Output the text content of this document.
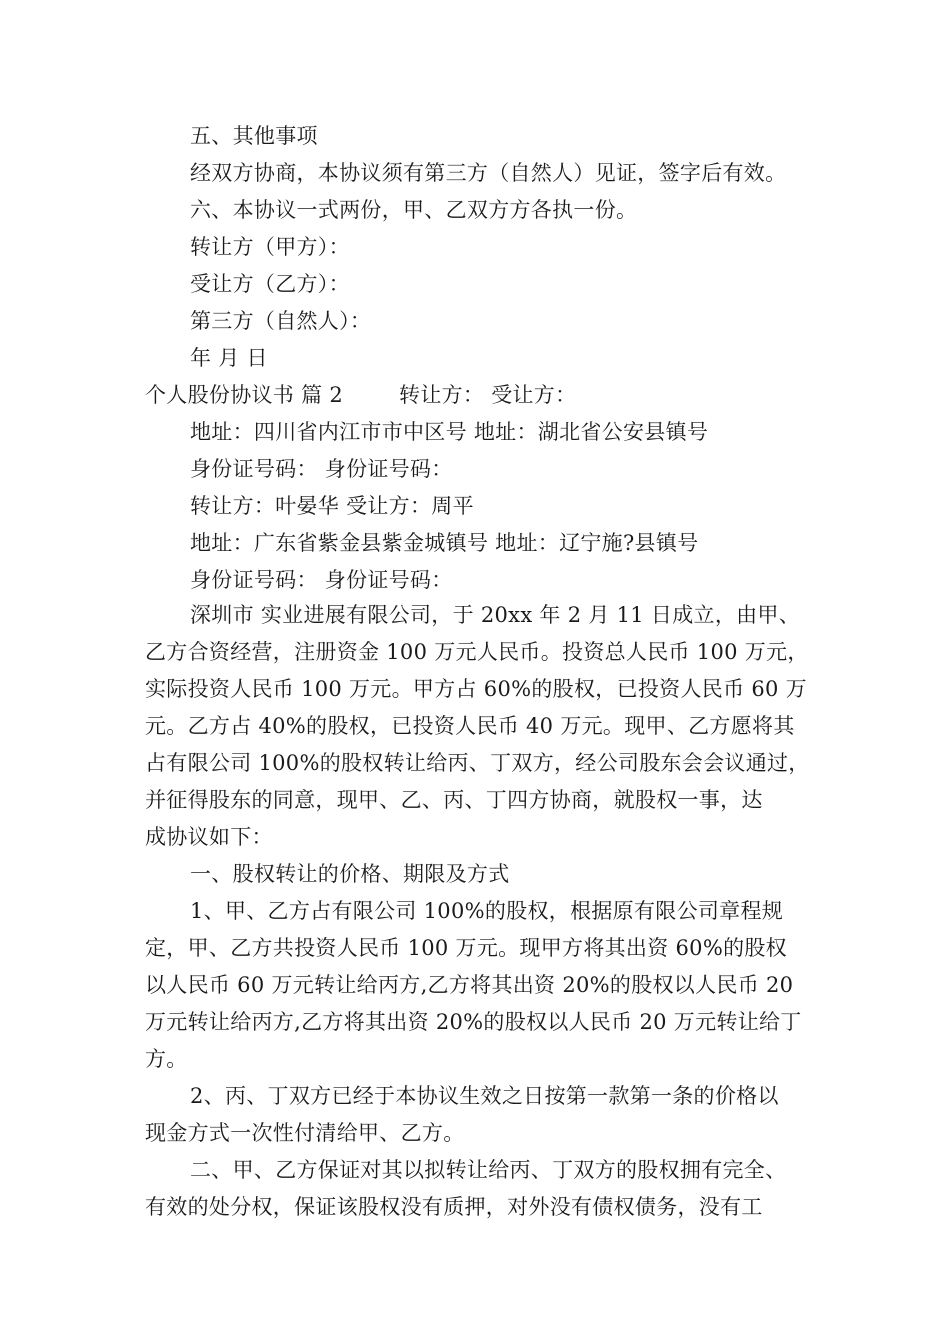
五、其他事项
经双方协商，本协议须有第三方（自然人）见证，签字后有效。
六、本协议一式两份，甲、乙双方方各执一份。
转让方（甲方）：
受让方（乙方）：
第三方（自然人）：
年 月 日
个人股份协议书 篇 2	转让方： 受让方：
地址：四川省内江市市中区号 地址：湖北省公安县镇号
身份证号码： 身份证号码：
转让方：叶晏华 受让方：周平
地址：广东省紫金县紫金城镇号 地址：辽宁施?县镇号
身份证号码： 身份证号码：
深圳市 实业进展有限公司，于 20xx 年 2 月 11 日成立，由甲、
乙方合资经营，注册资金 100 万元人民币。投资总人民币 100 万元，
实际投资人民币 100 万元。甲方占 60%的股权，已投资人民币 60 万
元。乙方占 40%的股权，已投资人民币 40 万元。现甲、乙方愿将其
占有限公司 100%的股权转让给丙、丁双方，经公司股东会会议通过，
并征得股东的同意，现甲、乙、丙、丁四方协商，就股权一事，达
成协议如下：
一、股权转让的价格、期限及方式
1、甲、乙方占有限公司 100%的股权，根据原有限公司章程规
定，甲、乙方共投资人民币 100 万元。现甲方将其出资 60%的股权
以人民币 60 万元转让给丙方,乙方将其出资 20%的股权以人民币 20
万元转让给丙方,乙方将其出资 20%的股权以人民币 20 万元转让给丁
方。
2、丙、丁双方已经于本协议生效之日按第一款第一条的价格以
现金方式一次性付清给甲、乙方。
二、甲、乙方保证对其以拟转让给丙、丁双方的股权拥有完全、
有效的处分权，保证该股权没有质押，对外没有债权债务，没有工
